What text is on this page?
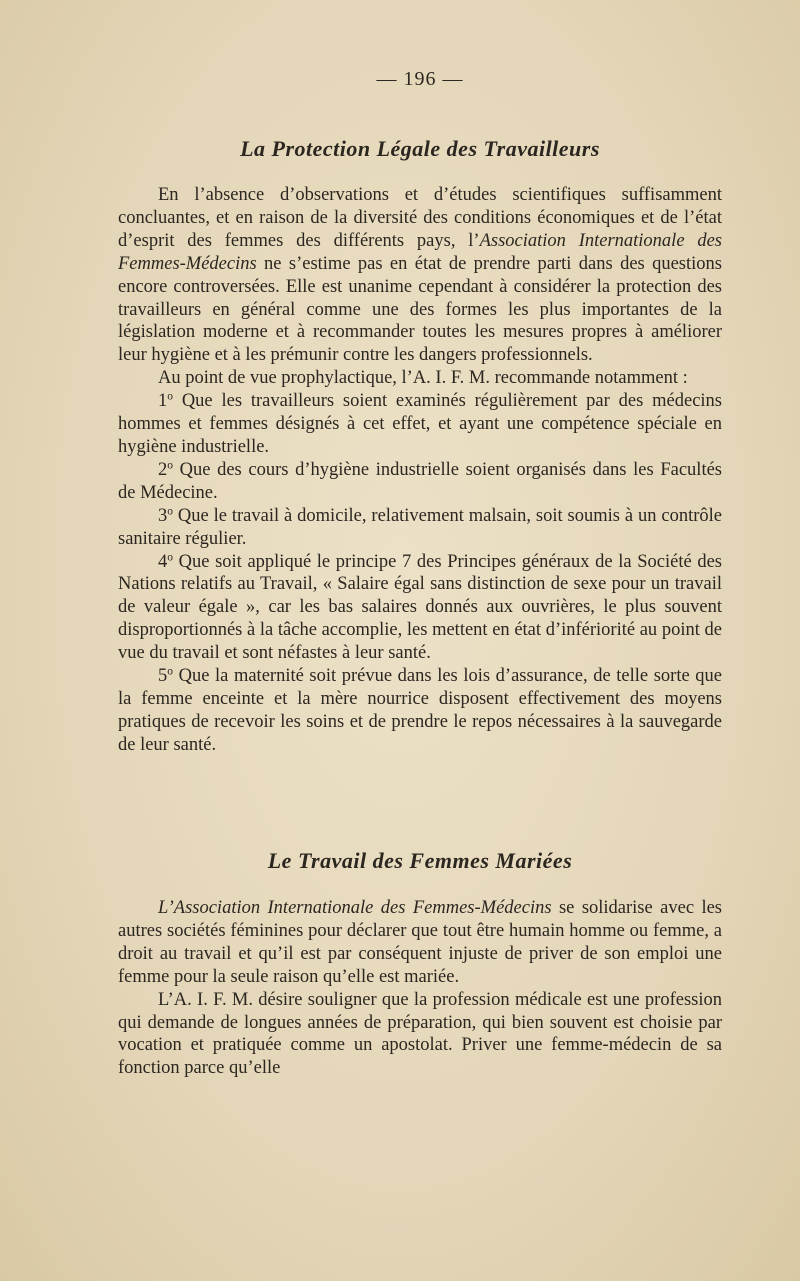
— 196 —
La Protection Légale des Travailleurs

En l’absence d’observations et d’études scientifiques suffisamment concluantes, et en raison de la diversité des conditions économiques et de l’état d’esprit des femmes des différents pays, l’Association Internationale des Femmes-Médecins ne s’estime pas en état de prendre parti dans des questions encore controversées. Elle est unanime cependant à considérer la protection des travailleurs en général comme une des formes les plus importantes de la législation moderne et à recommander toutes les mesures propres à améliorer leur hygiène et à les prémunir contre les dangers professionnels.

Au point de vue prophylactique, l’A. I. F. M. recommande notamment :

1$^o$ Que les travailleurs soient examinés régulièrement par des médecins hommes et femmes désignés à cet effet, et ayant une compétence spéciale en hygiène industrielle.

2$^o$ Que des cours d’hygiène industrielle soient organisés dans les Facultés de Médecine.

3$^o$ Que le travail à domicile, relativement malsain, soit soumis à un contrôle sanitaire régulier.

4$^o$ Que soit appliqué le principe 7 des Principes généraux de la Société des Nations relatifs au Travail, « Salaire égal sans distinction de sexe pour un travail de valeur égale », car les bas salaires donnés aux ouvrières, le plus souvent disproportionnés à la tâche accomplie, les mettent en état d’infériorité au point de vue du travail et sont néfastes à leur santé.

5$^o$ Que la maternité soit prévue dans les lois d’assurance, de telle sorte que la femme enceinte et la mère nourrice disposent effectivement des moyens pratiques de recevoir les soins et de prendre le repos nécessaires à la sauvegarde de leur santé.

Le Travail des Femmes Mariées

L’Association Internationale des Femmes-Médecins se solidarise avec les autres sociétés féminines pour déclarer que tout être humain homme ou femme, a droit au travail et qu’il est par conséquent injuste de priver de son emploi une femme pour la seule raison qu’elle est mariée.

L’A. I. F. M. désire souligner que la profession médicale est une profession qui demande de longues années de préparation, qui bien souvent est choisie par vocation et pratiquée comme un apostolat. Priver une femme-médecin de sa fonction parce qu’elle
